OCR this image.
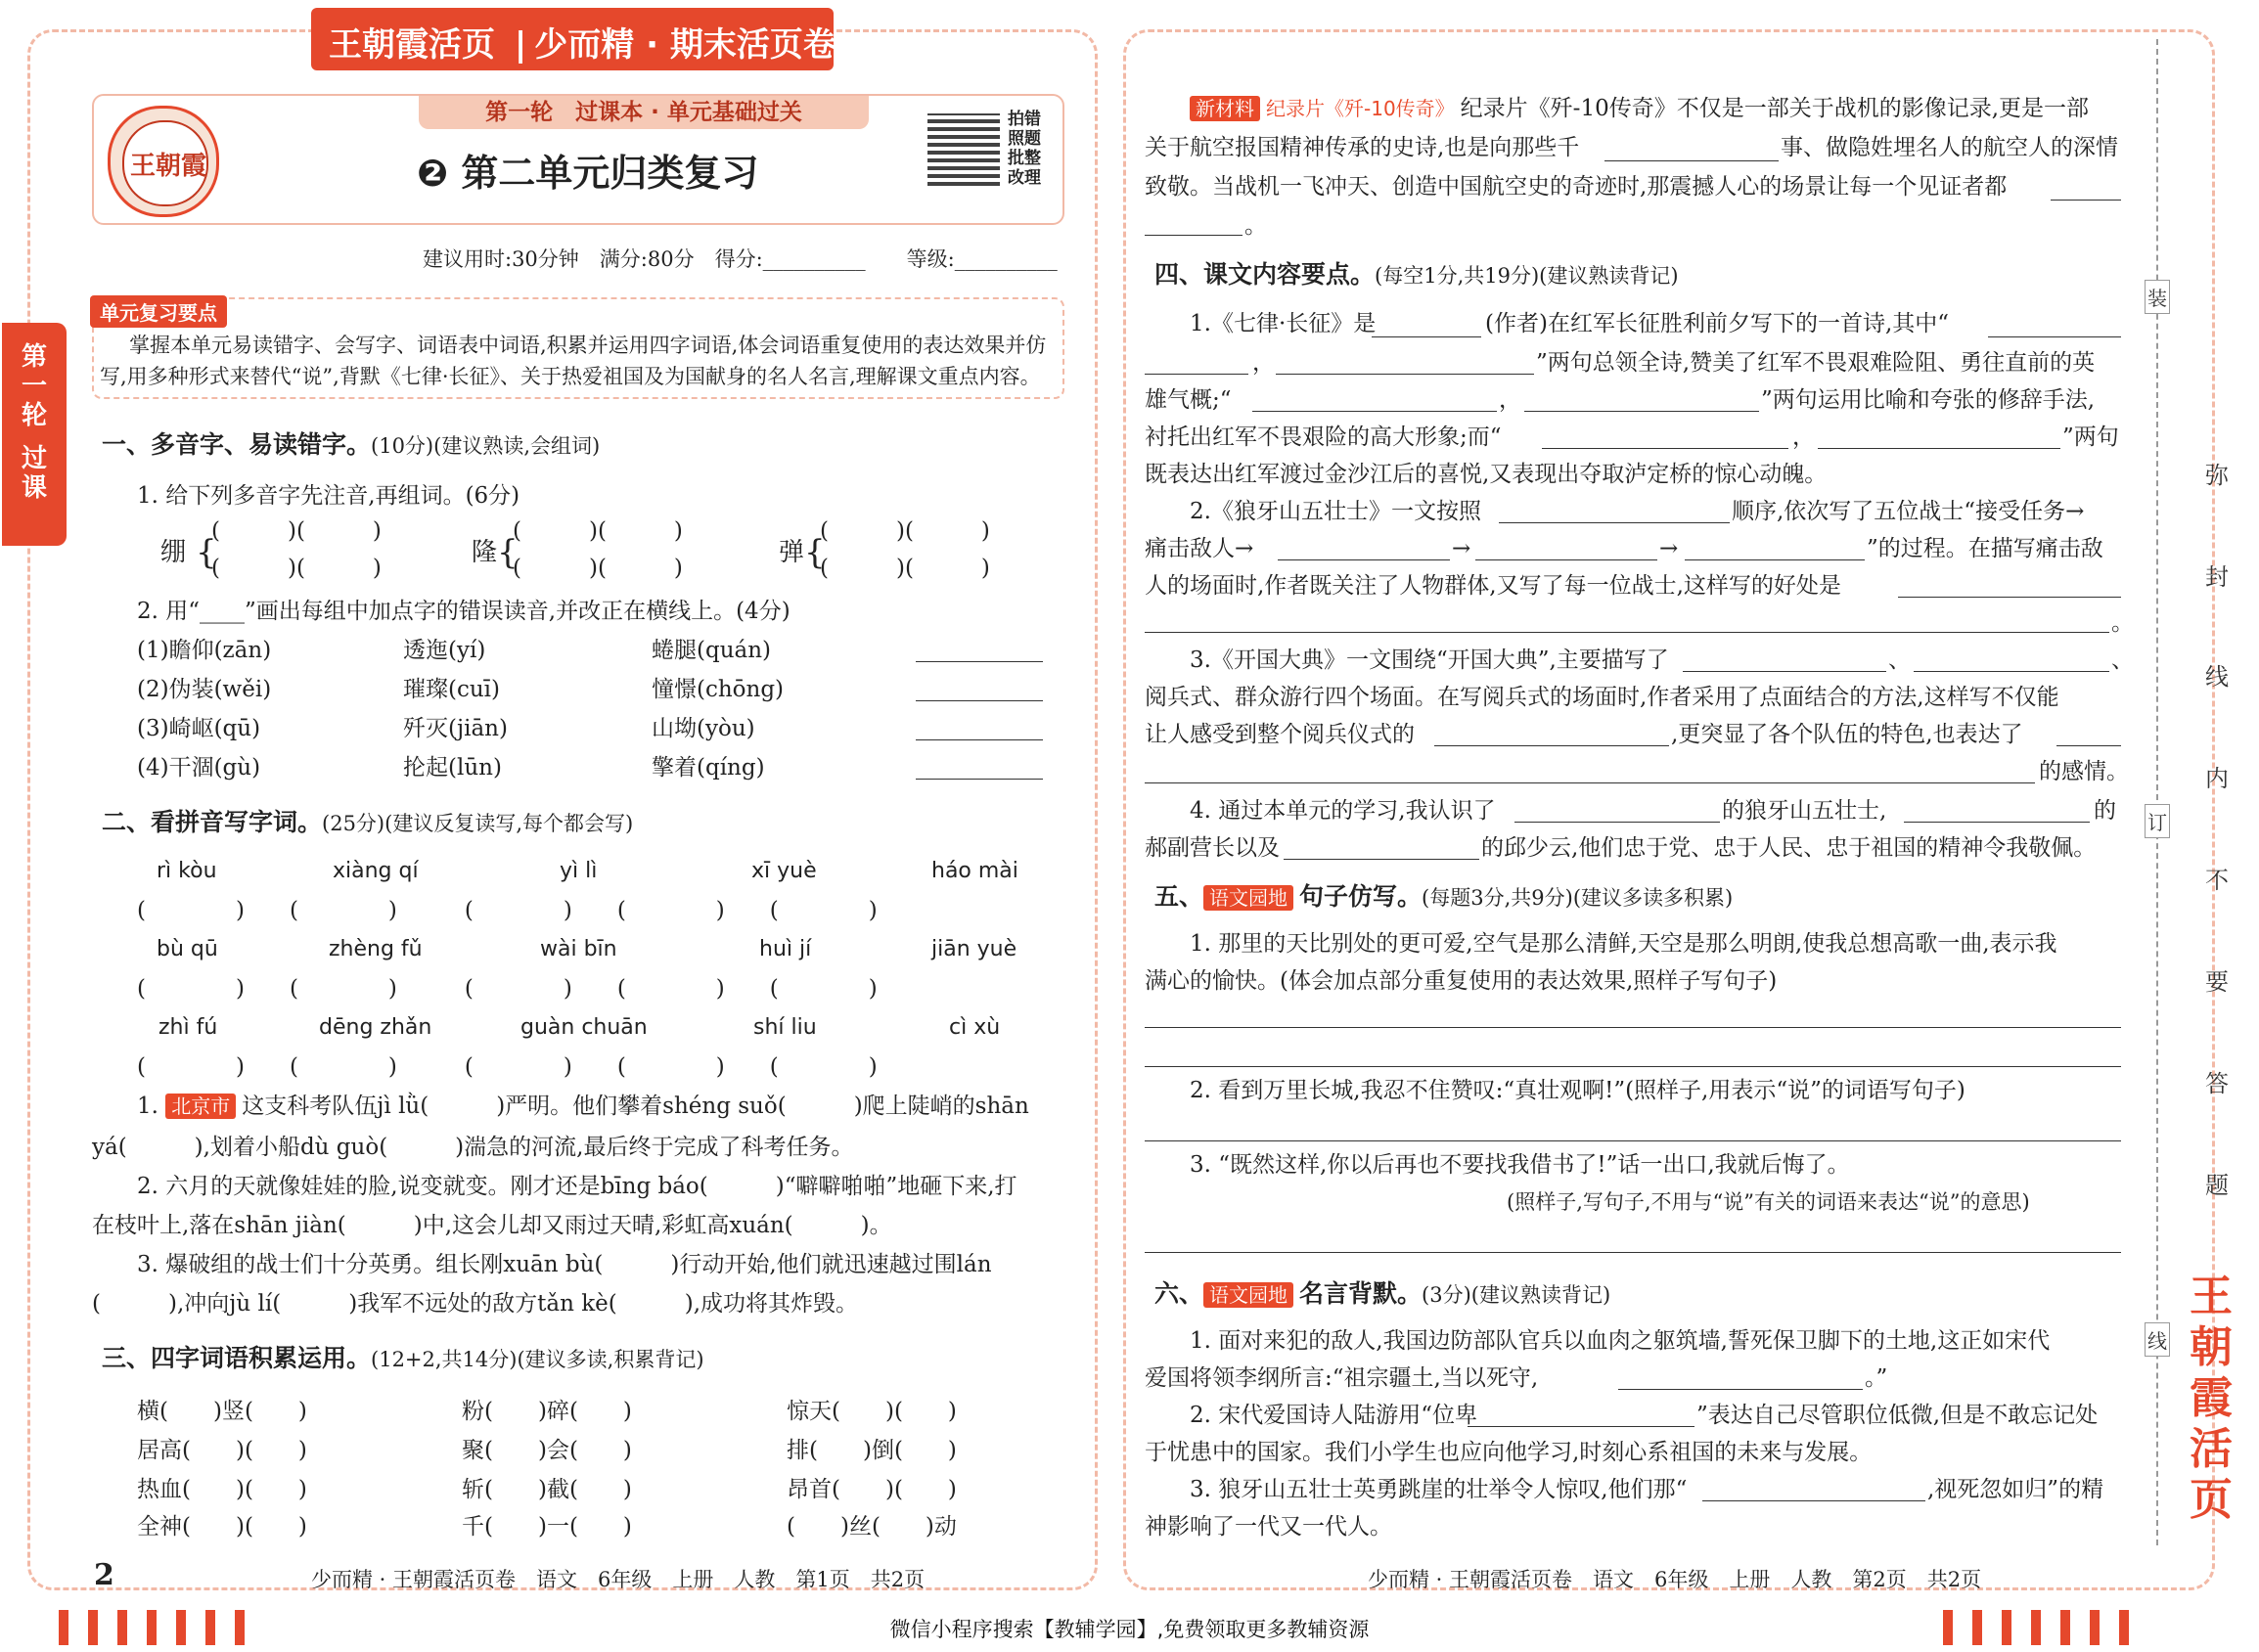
王朝霞活页 | 少而精 · 期末活页卷
王朝霞
第一轮　过课本 · 单元基础过关
❷ 第二单元归类复习
拍错
照题
批整
改理
建议用时:30分钟　满分:80分　得分:__________　　等级:__________
第
一
轮
过
课
单元复习要点
掌握本单元易读错字、会写字、词语表中词语,积累并运用四字词语,体会词语重复使用的表达效果并仿
写,用多种形式来替代“说”,背默《七律·长征》、关于热爱祖国及为国献身的名人名言,理解课文重点内容。
一、多音字、易读错字。(10分)(建议熟读,会组词)
1. 给下列多音字先注音,再组词。(6分)
绷 {
(　　　)(　　　)
(　　　)(　　　)
隆 {
(　　　)(　　　)
(　　　)(　　　)
弹 {
(　　　)(　　　)
(　　　)(　　　)
2. 用“____”画出每组中加点字的错误读音,并改正在横线上。(4分)
(1)瞻仰(zān)	透迤(yí)	蜷腿(quán)
(2)伪装(wěi)	璀璨(cuī)	憧憬(chōng)
(3)崎岖(qū)	歼灭(jiān)	山坳(yòu)
(4)干涸(gù)	抡起(lūn)	擎着(qíng)
二、看拼音写字词。(25分)(建议反复读写,每个都会写)
rì kòu	xiàng qí	yì lì	xī yuè	háo mài
(　　　　)　　(　　　　)　　　(　　　　)　　(　　　　)　　(　　　　)
bù qū	zhèng fǔ	wài bīn	huì jí	jiān yuè
(　　　　)　　(　　　　)　　　(　　　　)　　(　　　　)　　(　　　　)
zhì fú	dēng zhǎn	guàn chuān	shí liu	cì xù
(　　　　)　　(　　　　)　　　(　　　　)　　(　　　　)　　(　　　　)
1. 北京市 这支科考队伍jì lǜ(　　　)严明。他们攀着shéng suǒ(　　　)爬上陡峭的shān
yá(　　　),划着小船dù guò(　　　)湍急的河流,最后终于完成了科考任务。
2. 六月的天就像娃娃的脸,说变就变。刚才还是bīng báo(　　　)“噼噼啪啪”地砸下来,打
在枝叶上,落在shān jiàn(　　　)中,这会儿却又雨过天晴,彩虹高xuán(　　　)。
3. 爆破组的战士们十分英勇。组长刚xuān bù(　　　)行动开始,他们就迅速越过围lán
(　　　),冲向jù lí(　　　)我军不远处的敌方tǎn kè(　　　),成功将其炸毁。
三、四字词语积累运用。(12+2,共14分)(建议多读,积累背记)
横(　　)竖(　　)	粉(　　)碎(　　)	惊天(　　)(　　)
居高(　　)(　　)	聚(　　)会(　　)	排(　　)倒(　　)
热血(　　)(　　)	斩(　　)截(　　)	昂首(　　)(　　)
全神(　　)(　　)	千(　　)一(　　)	(　　)丝(　　)动
2	少而精 · 王朝霞活页卷　语文　6年级　上册　人教　第1页　共2页
新材料 纪录片《歼-10传奇》 纪录片《歼-10传奇》不仅是一部关于战机的影像记录,更是一部
关于航空报国精神传承的史诗,也是向那些千	事、做隐姓埋名人的航空人的深情
致敬。当战机一飞冲天、创造中国航空史的奇迹时,那震撼人心的场景让每一个见证者都
。
四、课文内容要点。(每空1分,共19分)(建议熟读背记)
1.《七律·长征》是	(作者)在红军长征胜利前夕写下的一首诗,其中“
，	”两句总领全诗,赞美了红军不畏艰难险阻、勇往直前的英
雄气概;“	，	”两句运用比喻和夸张的修辞手法,
衬托出红军不畏艰险的高大形象;而“	，	”两句
既表达出红军渡过金沙江后的喜悦,又表现出夺取泸定桥的惊心动魄。
2.《狼牙山五壮士》一文按照	顺序,依次写了五位战士“接受任务→
痛击敌人→	→	→	”的过程。在描写痛击敌
人的场面时,作者既关注了人物群体,又写了每一位战士,这样写的好处是
。
3.《开国大典》一文围绕“开国大典”,主要描写了	、	、
阅兵式、群众游行四个场面。在写阅兵式的场面时,作者采用了点面结合的方法,这样写不仅能
让人感受到整个阅兵仪式的	,更突显了各个队伍的特色,也表达了
的感情。
4. 通过本单元的学习,我认识了	的狼牙山五壮士,	的
郝副营长以及	的邱少云,他们忠于党、忠于人民、忠于祖国的精神令我敬佩。
五、 语文园地 句子仿写。(每题3分,共9分)(建议多读多积累)
1. 那里的天比别处的更可爱,空气是那么清鲜,天空是那么明朗,使我总想高歌一曲,表示我
满心的愉快。(体会加点部分重复使用的表达效果,照样子写句子)
2. 看到万里长城,我忍不住赞叹:“真壮观啊!”(照样子,用表示“说”的词语写句子)
3. “既然这样,你以后再也不要找我借书了!”话一出口,我就后悔了。
(照样子,写句子,不用与“说”有关的词语来表达“说”的意思)
六、 语文园地 名言背默。(3分)(建议熟读背记)
1. 面对来犯的敌人,我国边防部队官兵以血肉之躯筑墙,誓死保卫脚下的土地,这正如宋代
爱国将领李纲所言:“祖宗疆土,当以死守,	。”
2. 宋代爱国诗人陆游用“位卑	”表达自己尽管职位低微,但是不敢忘记处
于忧患中的国家。我们小学生也应向他学习,时刻心系祖国的未来与发展。
3. 狼牙山五壮士英勇跳崖的壮举令人惊叹,他们那“	,视死忽如归”的精
神影响了一代又一代人。
少而精 · 王朝霞活页卷　语文　6年级　上册　人教　第2页　共2页
装
订
线
弥
封
线
内
不
要
答
题
王
朝
霞
活
页
微信小程序搜索【教辅学园】,免费领取更多教辅资源
